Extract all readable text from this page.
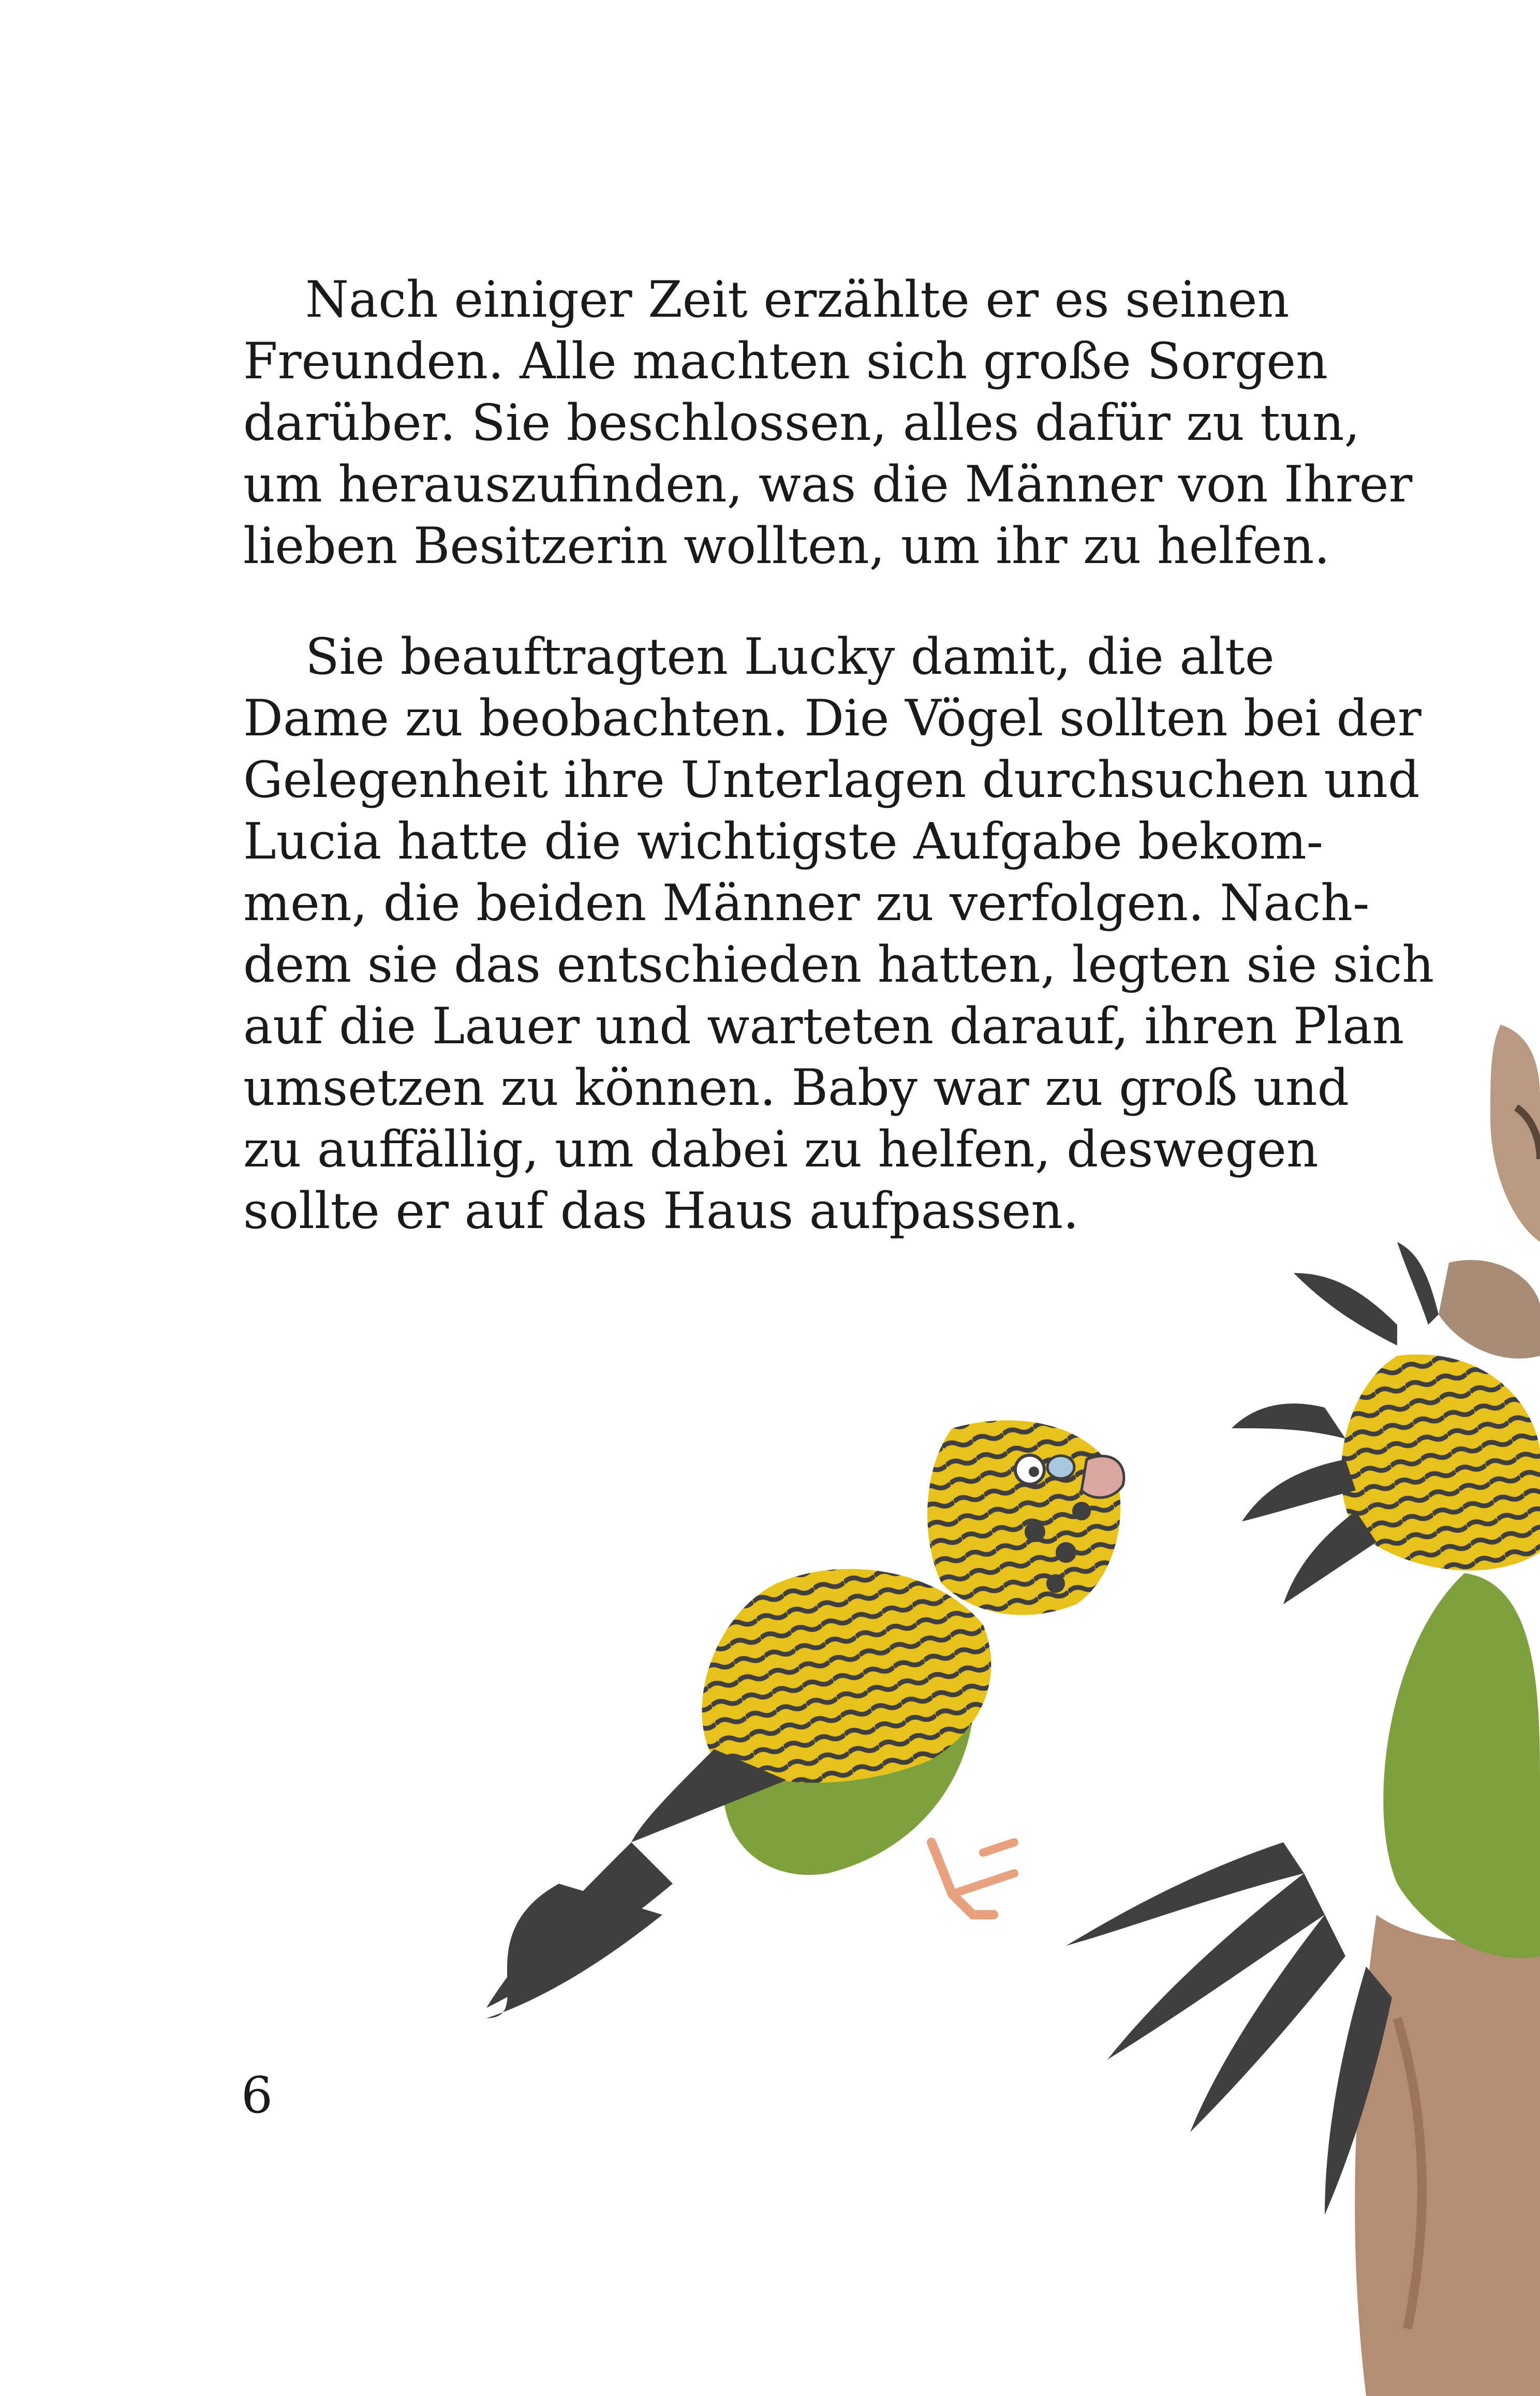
Nach einiger Zeit erzählte er es seinen
Freunden. Alle machten sich große Sorgen
darüber. Sie beschlossen, alles dafür zu tun,
um herauszufinden, was die Männer von Ihrer
lieben Besitzerin wollten, um ihr zu helfen.

Sie beauftragten Lucky damit, die alte
Dame zu beobachten. Die Vögel sollten bei der
Gelegenheit ihre Unterlagen durchsuchen und
Lucia hatte die wichtigste Aufgabe bekom-
men, die beiden Männer zu verfolgen. Nach-
dem sie das entschieden hatten, legten sie sich
auf die Lauer und warteten darauf, ihren Plan
umsetzen zu können. Baby war zu groß und
zu auffällig, um dabei zu helfen, deswegen
sollte er auf das Haus aufpassen.

6
